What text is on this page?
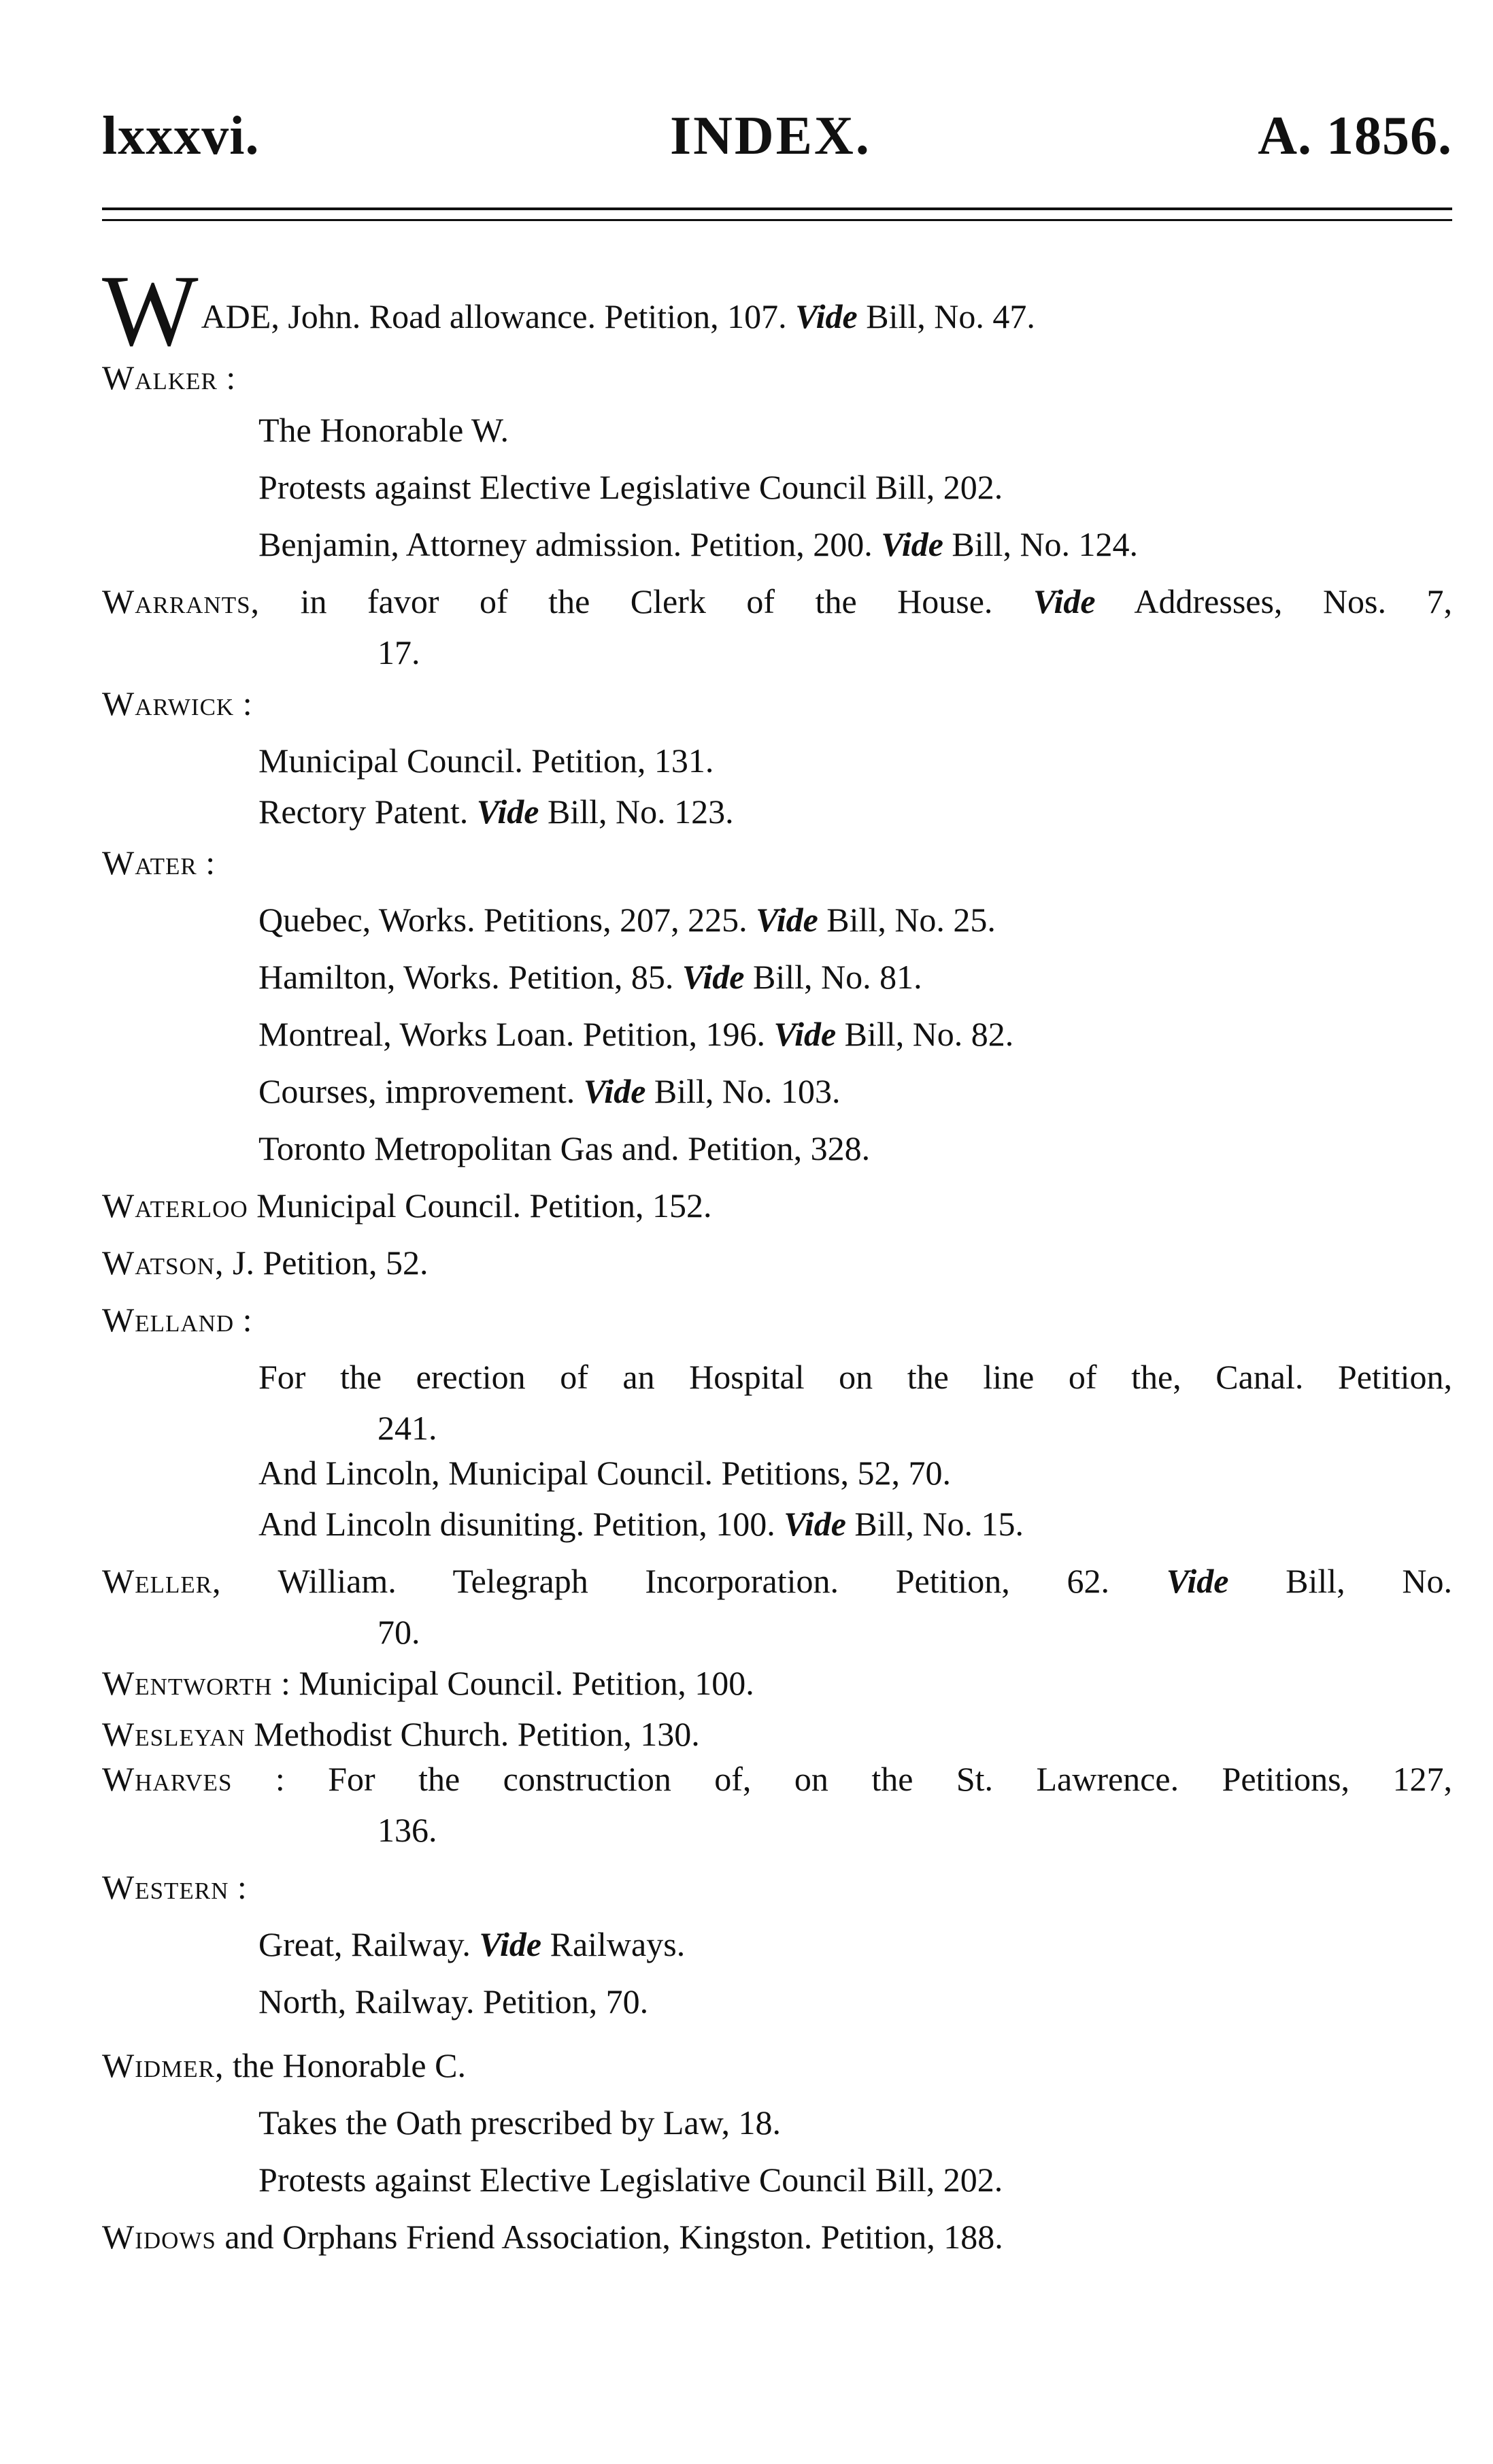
lxxxvi.	INDEX.	A. 1856.

WADE, John. Road allowance. Petition, 107. Vide Bill, No. 47.

Walker :

The Honorable W.

Protests against Elective Legislative Council Bill, 202.

Benjamin, Attorney admission. Petition, 200. Vide Bill, No. 124.

Warrants, in favor of the Clerk of the House. Vide Addresses, Nos. 7,

17.

Warwick :

Municipal Council. Petition, 131.

Rectory Patent. Vide Bill, No. 123.

Water :

Quebec, Works. Petitions, 207, 225. Vide Bill, No. 25.

Hamilton, Works. Petition, 85. Vide Bill, No. 81.

Montreal, Works Loan. Petition, 196. Vide Bill, No. 82.

Courses, improvement. Vide Bill, No. 103.

Toronto Metropolitan Gas and. Petition, 328.

Waterloo Municipal Council. Petition, 152.

Watson, J. Petition, 52.

Welland :

For the erection of an Hospital on the line of the, Canal. Petition,

241.

And Lincoln, Municipal Council. Petitions, 52, 70.

And Lincoln disuniting. Petition, 100. Vide Bill, No. 15.

Weller, William. Telegraph Incorporation. Petition, 62. Vide Bill, No.

70.

Wentworth : Municipal Council. Petition, 100.

Wesleyan Methodist Church. Petition, 130.

Wharves : For the construction of, on the St. Lawrence. Petitions, 127,

136.

Western :

Great, Railway. Vide Railways.

North, Railway. Petition, 70.

Widmer, the Honorable C.

Takes the Oath prescribed by Law, 18.

Protests against Elective Legislative Council Bill, 202.

Widows and Orphans Friend Association, Kingston. Petition, 188.
